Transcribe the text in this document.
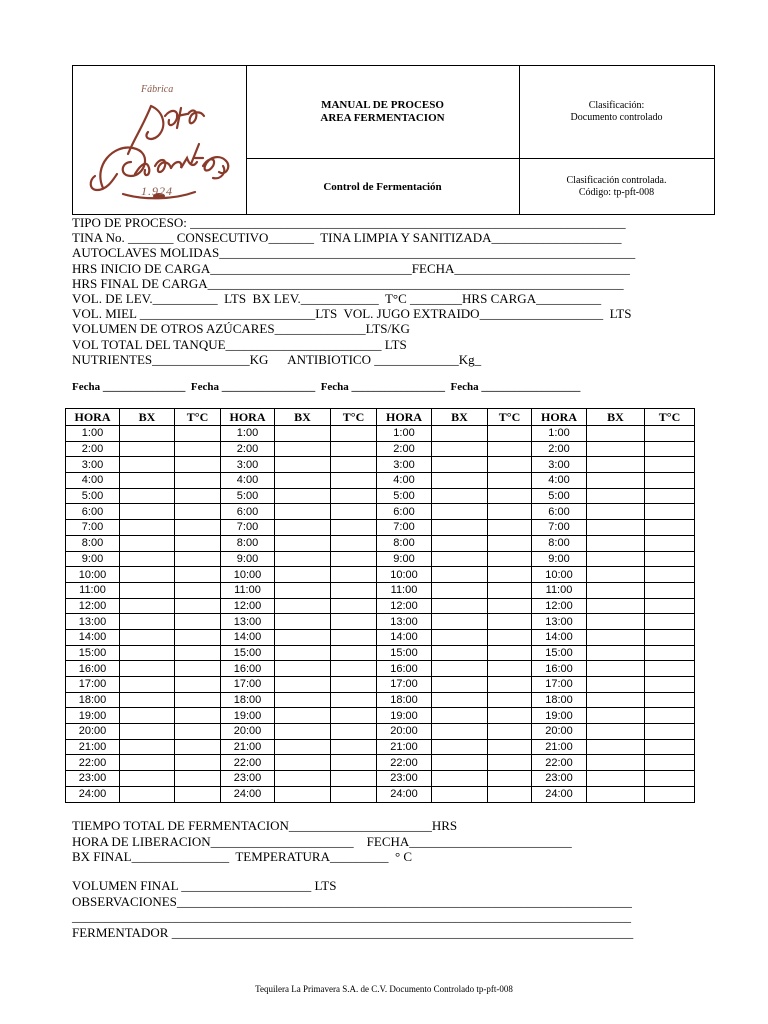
Fábrica
1.924
MANUAL DE PROCESO
AREA FERMENTACION
Control de Fermentación
Clasificación:
Documento controlado
Clasificación controlada.
Código: tp-pft-008
TIPO DE PROCESO: ___________________________________________________________________
TINA No. _______ CONSECUTIVO_______  TINA LIMPIA Y SANITIZADA____________________
AUTOCLAVES MOLIDAS________________________________________________________________
HRS INICIO DE CARGA_______________________________FECHA___________________________
HRS FINAL DE CARGA________________________________________________________________
VOL. DE LEV.__________  LTS  BX LEV.____________  T°C ________HRS CARGA__________
VOL. MIEL ___________________________LTS  VOL. JUGO EXTRAIDO___________________  LTS
VOLUMEN DE OTROS AZÚCARES______________LTS/KG
VOL TOTAL DEL TANQUE________________________ LTS
NUTRIENTES_______________KG      ANTIBIOTICO _____________Kg_
Fecha _______________  Fecha _________________  Fecha _________________  Fecha __________________
HORA	BX	T°C	HORA	BX	T°C	HORA	BX	T°C	HORA	BX	T°C
1:00			1:00			1:00			1:00		
2:00			2:00			2:00			2:00		
3:00			3:00			3:00			3:00		
4:00			4:00			4:00			4:00		
5:00			5:00			5:00			5:00		
6:00			6:00			6:00			6:00		
7:00			7:00			7:00			7:00		
8:00			8:00			8:00			8:00		
9:00			9:00			9:00			9:00		
10:00			10:00			10:00			10:00		
11:00			11:00			11:00			11:00		
12:00			12:00			12:00			12:00		
13:00			13:00			13:00			13:00		
14:00			14:00			14:00			14:00		
15:00			15:00			15:00			15:00		
16:00			16:00			16:00			16:00		
17:00			17:00			17:00			17:00		
18:00			18:00			18:00			18:00		
19:00			19:00			19:00			19:00		
20:00			20:00			20:00			20:00		
21:00			21:00			21:00			21:00		
22:00			22:00			22:00			22:00		
23:00			23:00			23:00			23:00		
24:00			24:00			24:00			24:00		
TIEMPO TOTAL DE FERMENTACION______________________HRS
HORA DE LIBERACION______________________    FECHA_________________________
BX FINAL_______________  TEMPERATURA_________  ° C
VOLUMEN FINAL ____________________ LTS
OBSERVACIONES______________________________________________________________________
______________________________________________________________________________________
FERMENTADOR _______________________________________________________________________
Tequilera La Primavera S.A. de C.V. Documento Controlado tp-pft-008
